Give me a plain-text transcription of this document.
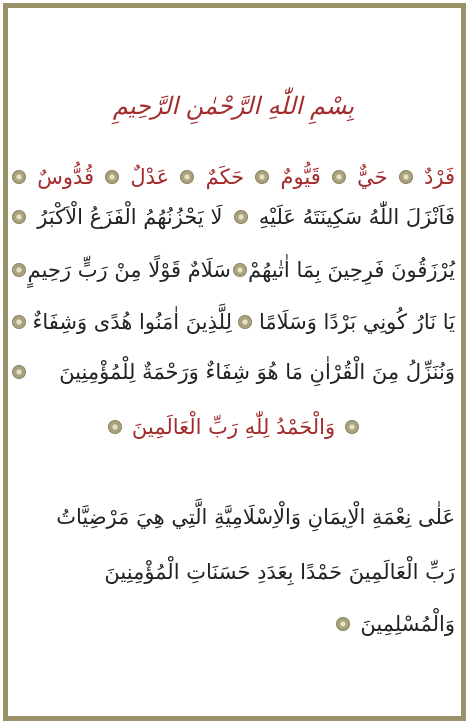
بِسْمِ اللّٰهِ الرَّحْمٰنِ الرَّحِيمِ
فَرْدٌ
حَيٌّ
قَيُّومٌ
حَكَمٌ
عَدْلٌ
قُدُّوسٌ
فَاَنْزَلَ اللّٰهُ سَكِينَتَهُ عَلَيْهِ
لَا يَحْزُنُهُمُ الْفَزَعُ الْاَكْبَرُ
يُرْزَقُونَ فَرِحِينَ بِمَا اٰتٰيهُمْ
سَلَامٌ قَوْلًا مِنْ رَبٍّ رَحِيمٍ
يَا نَارُ كُونِي بَرْدًا وَسَلَامًا
لِلَّذِينَ اٰمَنُوا هُدًى وَشِفَاءٌ
وَنُنَزِّلُ مِنَ الْقُرْاٰنِ مَا هُوَ شِفَاءٌ وَرَحْمَةٌ لِلْمُؤْمِنِينَ
وَالْحَمْدُ لِلّٰهِ رَبِّ الْعَالَمِينَ
عَلٰى نِعْمَةِ الْاِيمَانِ وَالْاِسْلَامِيَّةِ الَّتِي هِيَ مَرْضِيَّاتُ
رَبِّ الْعَالَمِينَ حَمْدًا بِعَدَدِ حَسَنَاتِ الْمُؤْمِنِينَ
وَالْمُسْلِمِينَ
